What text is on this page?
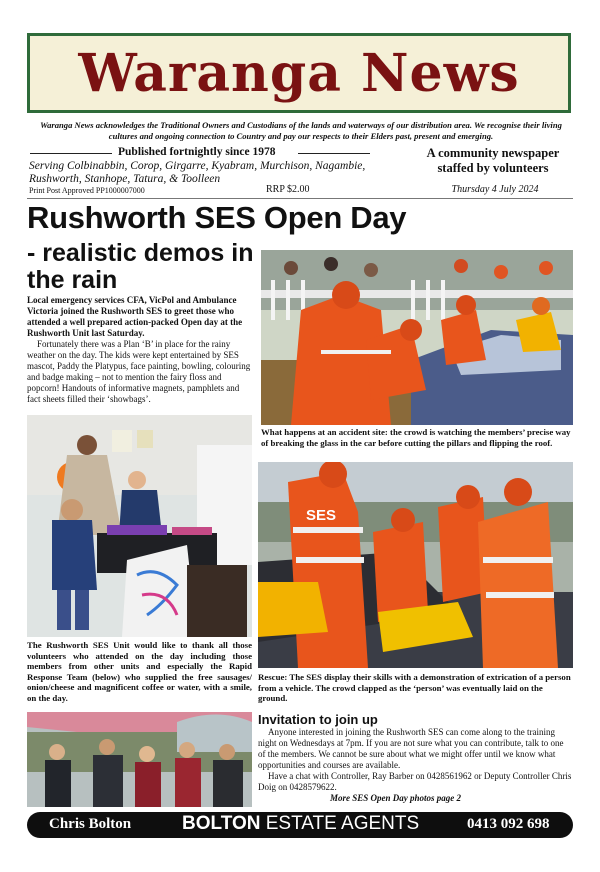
Waranga News
Waranga News acknowledges the Traditional Owners and Custodians of the lands and waterways of our distribution area. We recognise their living cultures and ongoing connection to Country and pay our respects to their Elders past, present and emerging.
Published fortnightly since 1978
Serving Colbinabbin, Corop, Girgarre, Kyabram, Murchison, Nagambie, Rushworth, Stanhope, Tatura, & Toolleen
Print Post Approved PP1000007000	RRP $2.00
A community newspaper staffed by volunteers
Thursday 4 July 2024
Rushworth SES Open Day
- realistic demos in the rain
Local emergency services CFA, VicPol and Ambulance Victoria joined the Rushworth SES to greet those who attended a well prepared action-packed Open day at the Rushworth Unit last Saturday.

Fortunately there was a Plan ‘B’ in place for the rainy weather on the day. The kids were kept entertained by SES mascot, Paddy the Platypus, face painting, bowling, colouring and badge making – not to mention the fairy floss and popcorn! Handouts of informative magnets, pamphlets and fact sheets filled their ‘showbags’.

What happens at an accident site: the crowd is watching the members’ precise way of breaking the glass in the car before cutting the pillars and flipping the roof.
The Rushworth SES Unit would like to thank all those volunteers who attended on the day including those members from other units and especially the Rapid Response Team (below) who supplied the free sausages/ onion/cheese and magnificent coffee or water, with a smile, on the day.
SES
Rescue: The SES display their skills with a demonstration of extrication of a person from a vehicle. The crowd clapped as the ‘person’ was eventually laid on the ground.
Invitation to join up

Anyone interested in joining the Rushworth SES can come along to the training night on Wednesdays at 7pm. If you are not sure what you can contribute, talk to one of the members. We cannot be sure about what we might offer until we know what opportunities and courses are available.

Have a chat with Controller, Ray Barber on 0428561962 or Deputy Controller Chris Doig on 0428579622.

More SES Open Day photos page 2
Chris Bolton	BOLTON ESTATE AGENTS	0413 092 698
